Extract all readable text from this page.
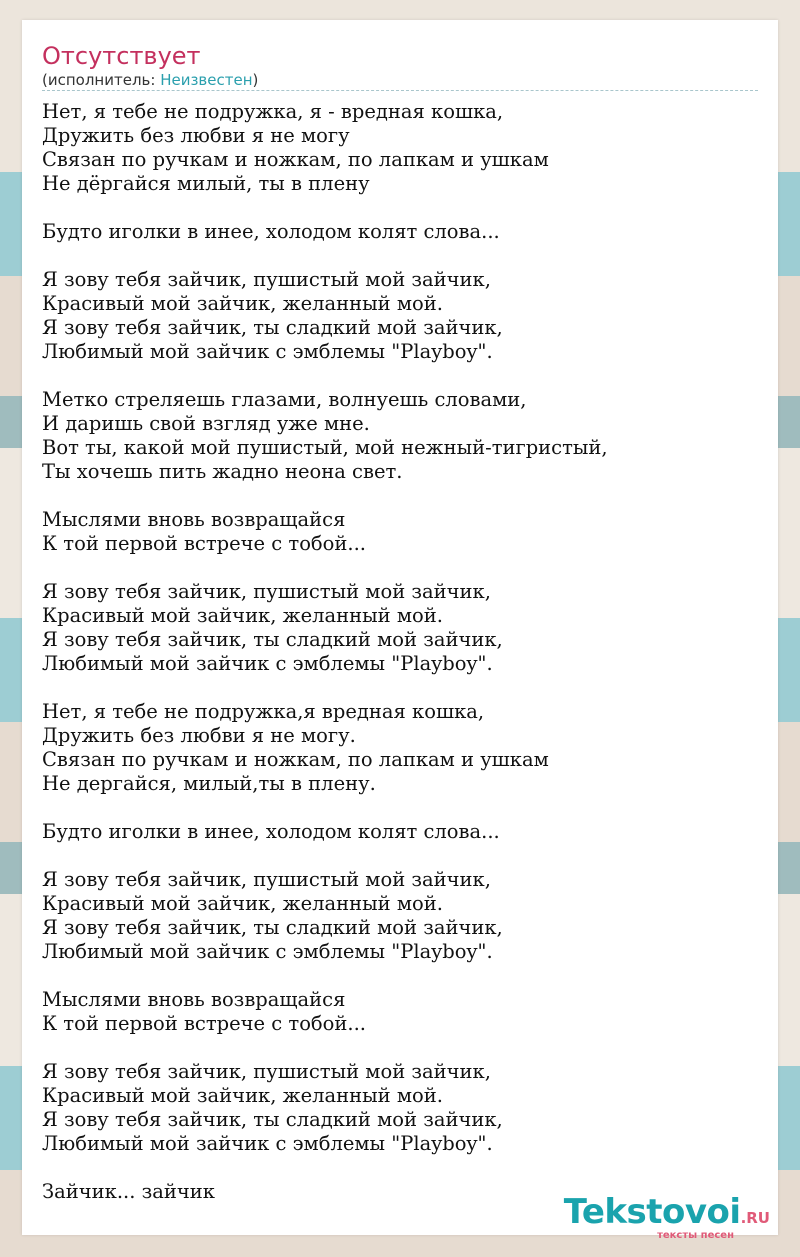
Отсутствует
(исполнитель: Неизвестен)
Нет, я тебе не подружка, я - вредная кошка,
Дружить без любви я не могу
Связан по ручкам и ножкам, по лапкам и ушкам
Не дёргайся милый, ты в плену
Будто иголки в инее, холодом колят слова...
Я зову тебя зайчик, пушистый мой зайчик,
Красивый мой зайчик, желанный мой.
Я зову тебя зайчик, ты сладкий мой зайчик,
Любимый мой зайчик с эмблемы "Playboy".
Метко стреляешь глазами, волнуешь словами,
И даришь свой взгляд уже мне.
Вот ты, какой мой пушистый, мой нежный-тигристый,
Ты хочешь пить жадно неона свет.
Мыслями вновь возвращайся
К той первой встрече с тобой...
Я зову тебя зайчик, пушистый мой зайчик,
Красивый мой зайчик, желанный мой.
Я зову тебя зайчик, ты сладкий мой зайчик,
Любимый мой зайчик с эмблемы "Playboy".
Нет, я тебе не подружка,я вредная кошка,
Дружить без любви я не могу.
Связан по ручкам и ножкам, по лапкам и ушкам
Не дергайся, милый,ты в плену.
Будто иголки в инее, холодом колят слова...
Я зову тебя зайчик, пушистый мой зайчик,
Красивый мой зайчик, желанный мой.
Я зову тебя зайчик, ты сладкий мой зайчик,
Любимый мой зайчик с эмблемы "Playboy".
Мыслями вновь возвращайся
К той первой встрече с тобой...
Я зову тебя зайчик, пушистый мой зайчик,
Красивый мой зайчик, желанный мой.
Я зову тебя зайчик, ты сладкий мой зайчик,
Любимый мой зайчик с эмблемы "Playboy".
Зайчик... зайчик
Tekstovoi.RU
тексты песен
